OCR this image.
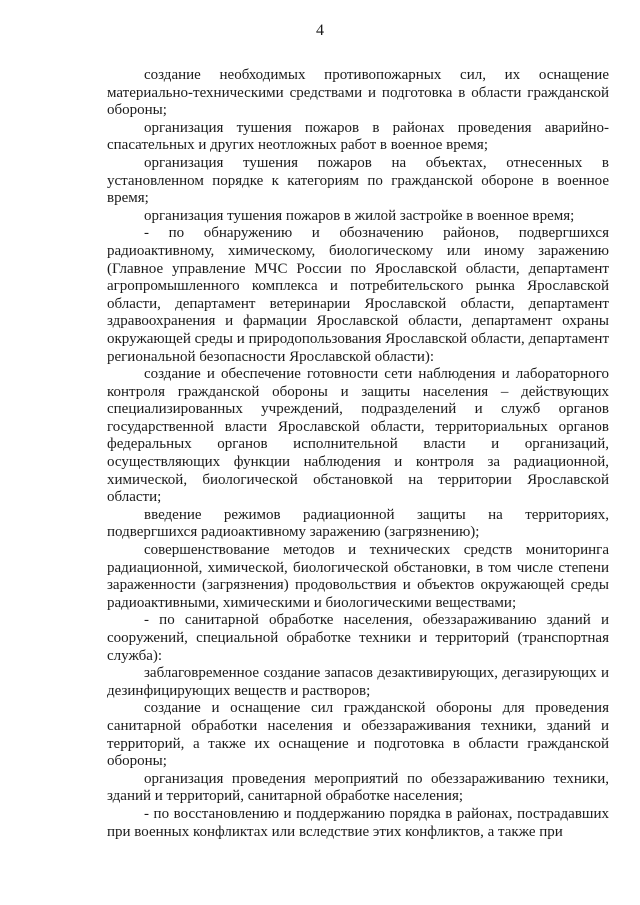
4

создание необходимых противопожарных сил, их оснащение материально-техническими средствами и подготовка в области гражданской обороны;

организация тушения пожаров в районах проведения аварийно-спасательных и других неотложных работ в военное время;

организация тушения пожаров на объектах, отнесенных в установленном порядке к категориям по гражданской обороне в военное время;

организация тушения пожаров в жилой застройке в военное время;

- по обнаружению и обозначению районов, подвергшихся радиоактивному, химическому, биологическому или иному заражению (Главное управление МЧС России по Ярославской области, департамент агропромышленного комплекса и потребительского рынка Ярославской области, департамент ветеринарии Ярославской области, департамент здравоохранения и фармации Ярославской области, департамент охраны окружающей среды и природопользования Ярославской области, департамент региональной безопасности Ярославской области):

создание и обеспечение готовности сети наблюдения и лабораторного контроля гражданской обороны и защиты населения – действующих специализированных учреждений, подразделений и служб органов государственной власти Ярославской области, территориальных органов федеральных органов исполнительной власти и организаций, осуществляющих функции наблюдения и контроля за радиационной, химической, биологической обстановкой на территории Ярославской области;

введение режимов радиационной защиты на территориях, подвергшихся радиоактивному заражению (загрязнению);

совершенствование методов и технических средств мониторинга радиационной, химической, биологической обстановки, в том числе степени зараженности (загрязнения) продовольствия и объектов окружающей среды радиоактивными, химическими и биологическими веществами;

- по санитарной обработке населения, обеззараживанию зданий и сооружений, специальной обработке техники и территорий (транспортная служба):

заблаговременное создание запасов дезактивирующих, дегазирующих и дезинфицирующих веществ и растворов;

создание и оснащение сил гражданской обороны для проведения санитарной обработки населения и обеззараживания техники, зданий и территорий, а также их оснащение и подготовка в области гражданской обороны;

организация проведения мероприятий по обеззараживанию техники, зданий и территорий, санитарной обработке населения;

- по восстановлению и поддержанию порядка в районах, пострадавших при военных конфликтах или вследствие этих конфликтов, а также при
